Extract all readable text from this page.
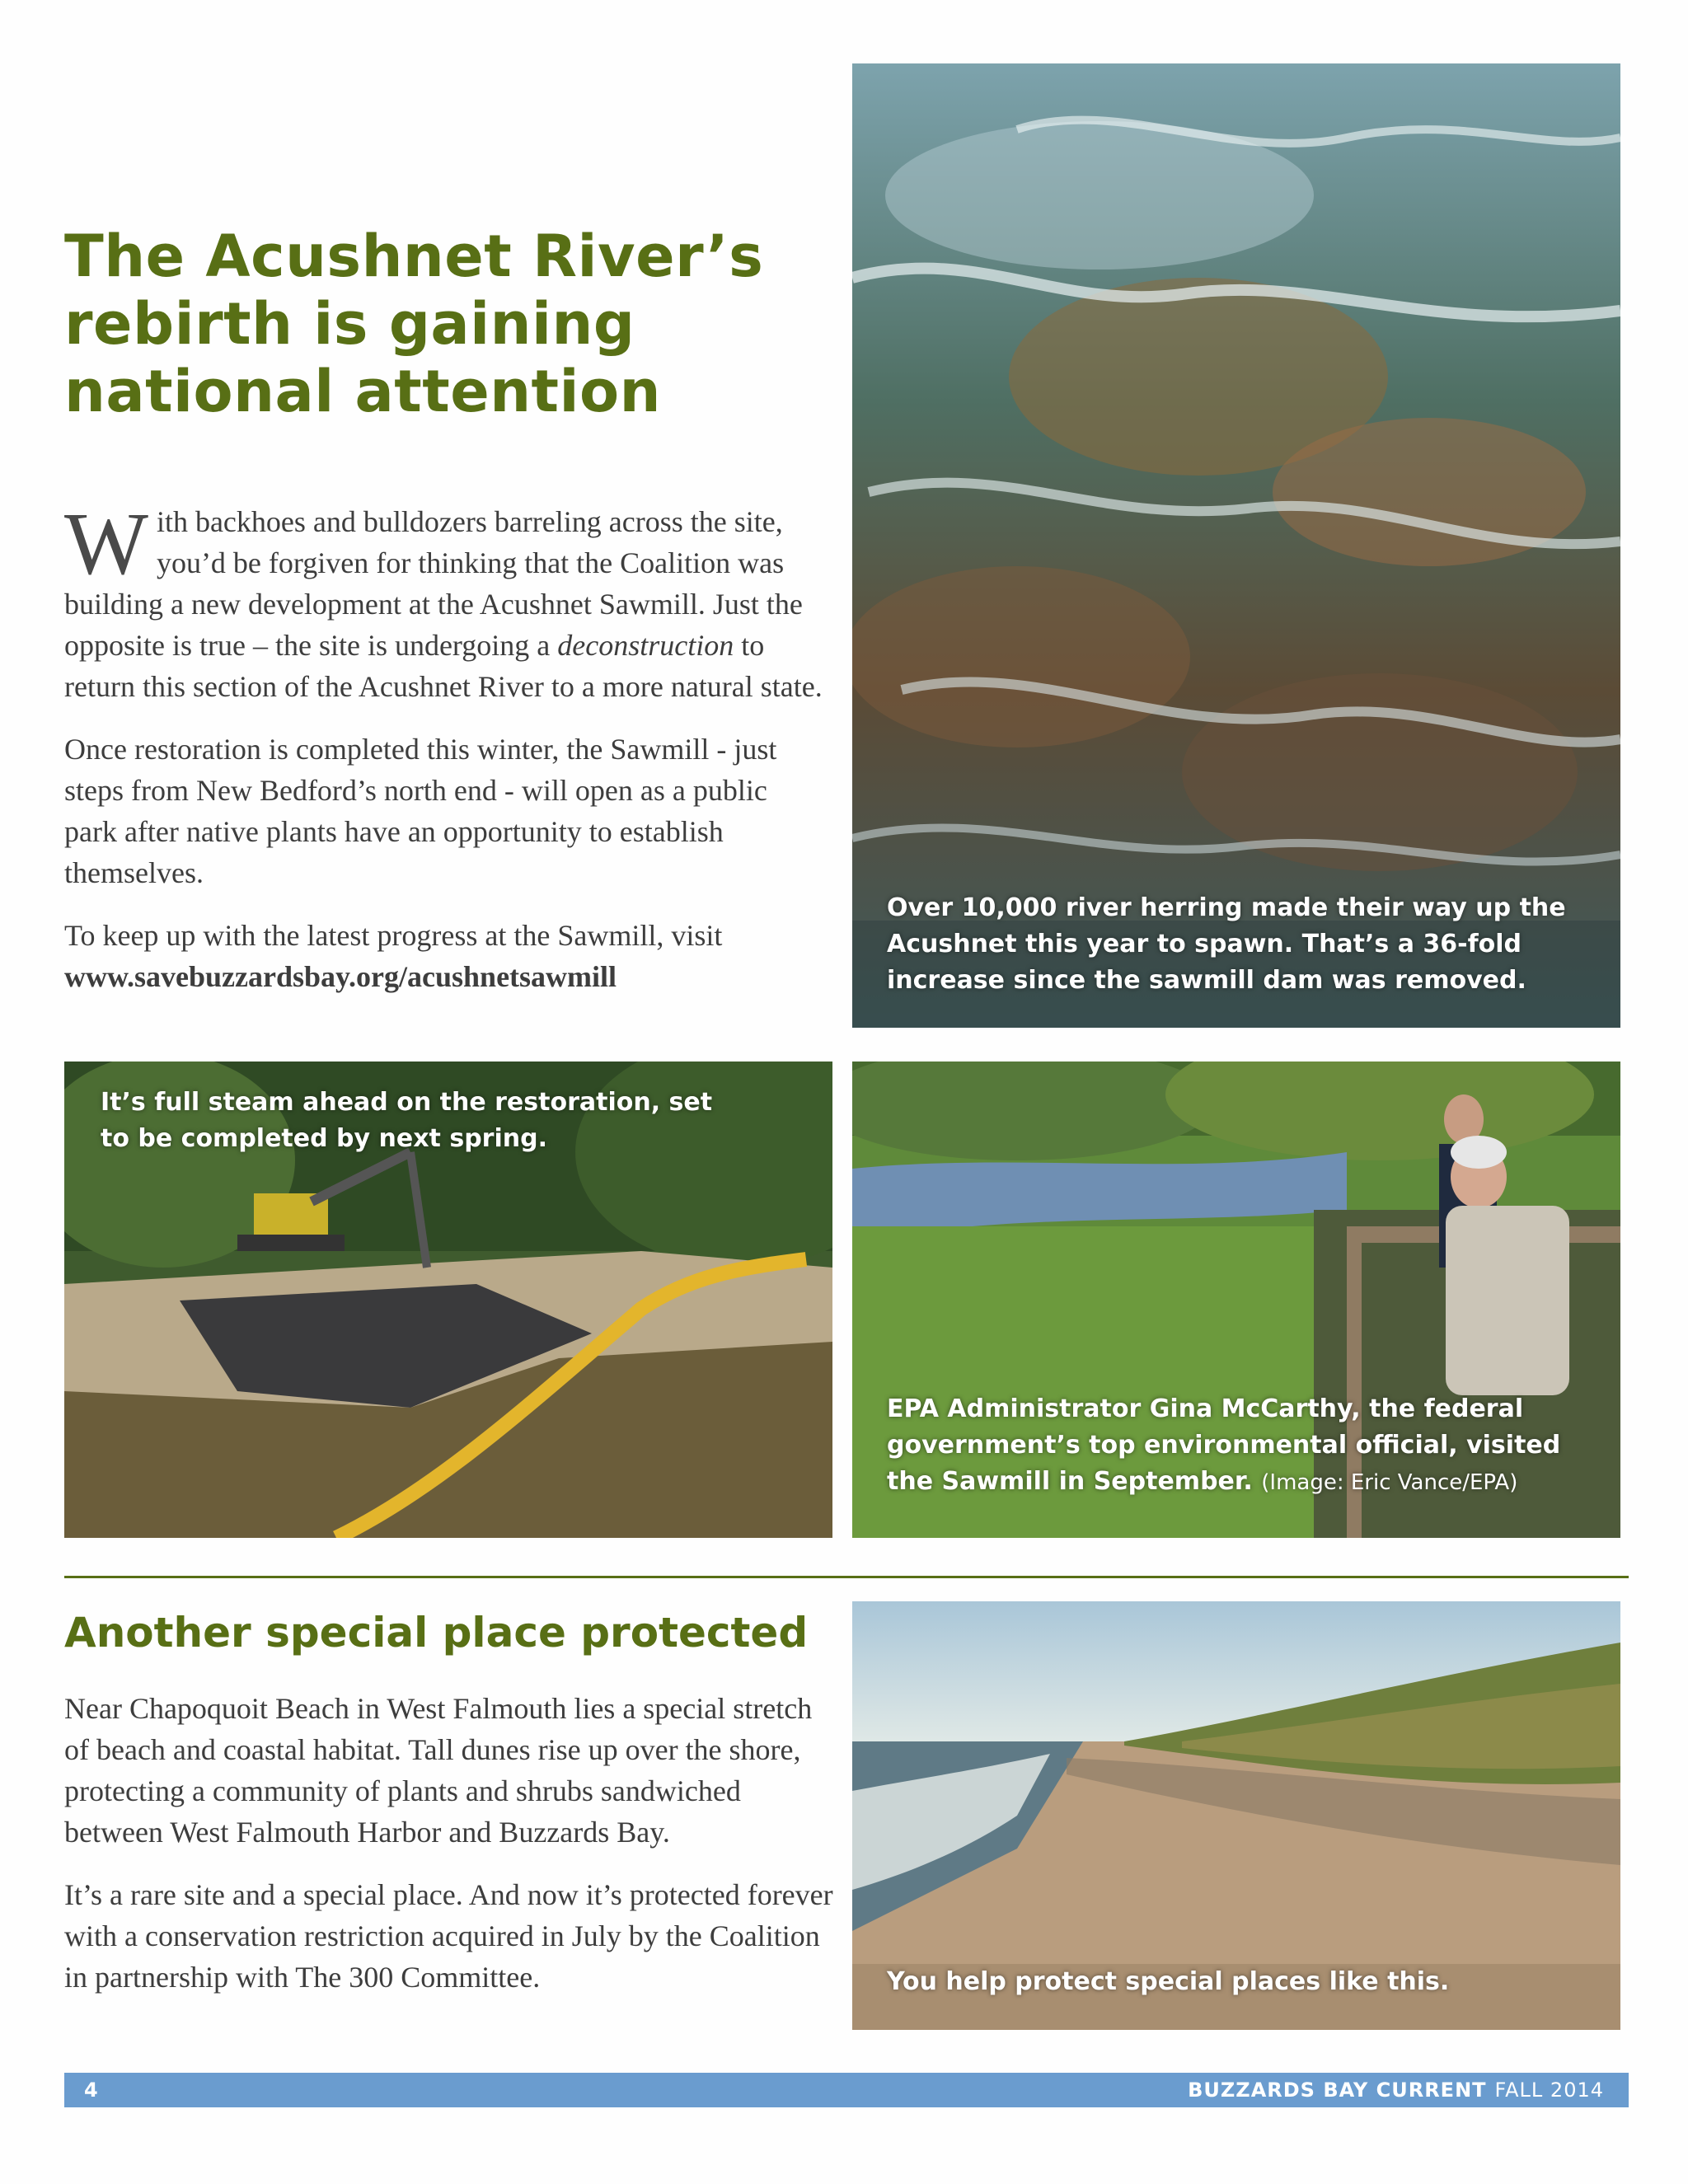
The Acushnet River’s rebirth is gaining national attention

With backhoes and bulldozers barreling across the site, you’d be forgiven for thinking that the Coalition was building a new development at the Acushnet Sawmill. Just the opposite is true – the site is undergoing a deconstruction to return this section of the Acushnet River to a more natural state.

Once restoration is completed this winter, the Sawmill - just steps from New Bedford’s north end - will open as a public park after native plants have an opportunity to establish themselves.

To keep up with the latest progress at the Sawmill, visit
www.savebuzzardsbay.org/acushnetsawmill

Over 10,000 river herring made their way up the Acushnet this year to spawn. That’s a 36-fold increase since the sawmill dam was removed.
It’s full steam ahead on the restoration, set to be completed by next spring.
EPA Administrator Gina McCarthy, the federal government’s top environmental official, visited the Sawmill in September. (Image: Eric Vance/EPA)
Another special place protected

Near Chapoquoit Beach in West Falmouth lies a special stretch of beach and coastal habitat. Tall dunes rise up over the shore, protecting a community of plants and shrubs sandwiched between West Falmouth Harbor and Buzzards Bay.

It’s a rare site and a special place. And now it’s protected forever with a conservation restriction acquired in July by the Coalition in partnership with The 300 Committee.	You help protect special places like this.
4	BUZZARDS BAY CURRENT FALL 2014
